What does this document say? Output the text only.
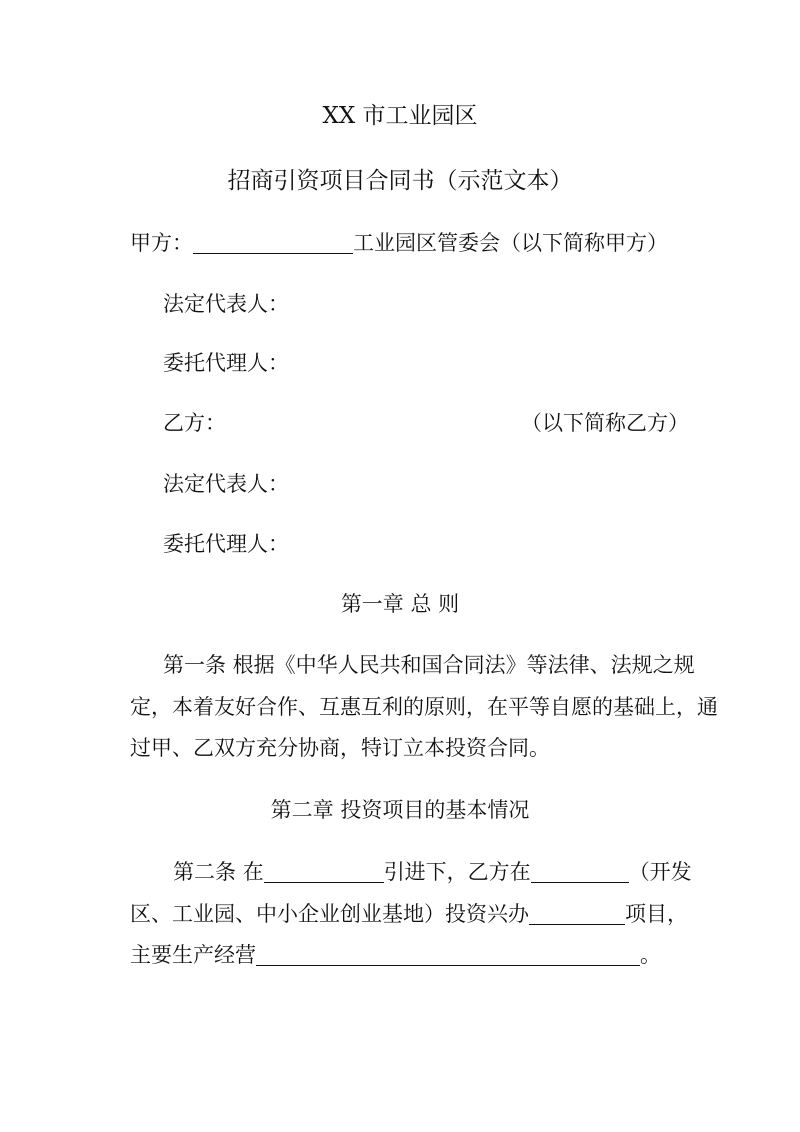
XX 市工业园区
招商引资项目合同书（示范文本）
甲方：	工业园区管委会（以下简称甲方）
法定代表人：
委托代理人：
乙方：	（以下简称乙方）
法定代表人：
委托代理人：
第一章 总 则
第一条 根据《中华人民共和国合同法》等法律、法规之规
定，本着友好合作、互惠互利的原则，在平等自愿的基础上，通
过甲、乙双方充分协商，特订立本投资合同。
第二章 投资项目的基本情况
第二条 在	引进下，乙方在	（开发
区、工业园、中小企业创业基地）投资兴办	项目，
主要生产经营	。
